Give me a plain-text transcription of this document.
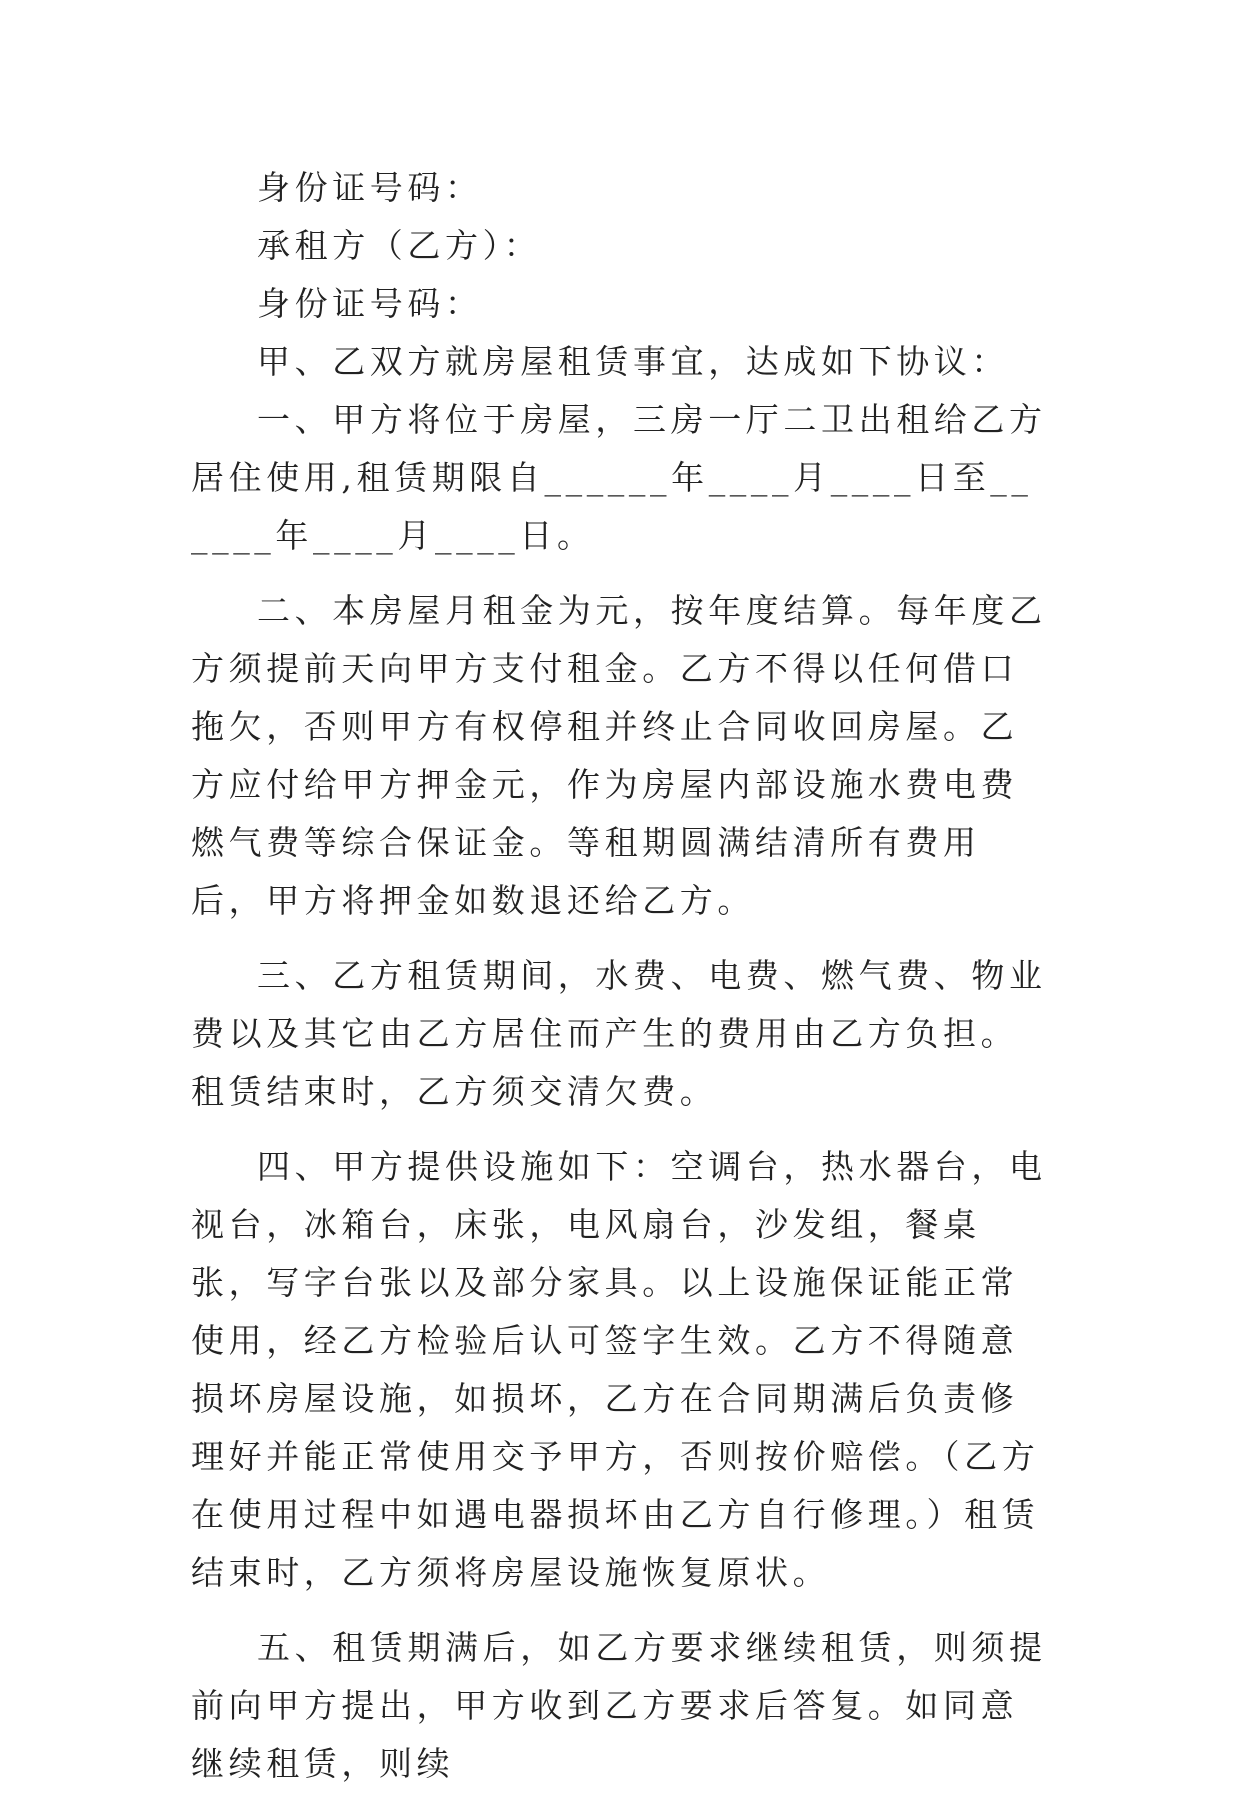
身份证号码：

承租方（乙方）：

身份证号码：

甲、乙双方就房屋租赁事宜，达成如下协议：

一、甲方将位于房屋，三房一厅二卫出租给乙方居住使用,租赁期限自______年____月____日至______年____月____日。

二、本房屋月租金为元，按年度结算。每年度乙方须提前天向甲方支付租金。乙方不得以任何借口拖欠，否则甲方有权停租并终止合同收回房屋。乙方应付给甲方押金元，作为房屋内部设施水费电费燃气费等综合保证金。等租期圆满结清所有费用后，甲方将押金如数退还给乙方。

三、乙方租赁期间，水费、电费、燃气费、物业费以及其它由乙方居住而产生的费用由乙方负担。租赁结束时，乙方须交清欠费。

四、甲方提供设施如下：空调台，热水器台，电视台，冰箱台，床张，电风扇台，沙发组，餐桌张，写字台张以及部分家具。以上设施保证能正常使用，经乙方检验后认可签字生效。乙方不得随意损坏房屋设施，如损坏，乙方在合同期满后负责修理好并能正常使用交予甲方，否则按价赔偿。（乙方在使用过程中如遇电器损坏由乙方自行修理。）租赁结束时，乙方须将房屋设施恢复原状。

五、租赁期满后，如乙方要求继续租赁，则须提前向甲方提出，甲方收到乙方要求后答复。如同意继续租赁，则续
